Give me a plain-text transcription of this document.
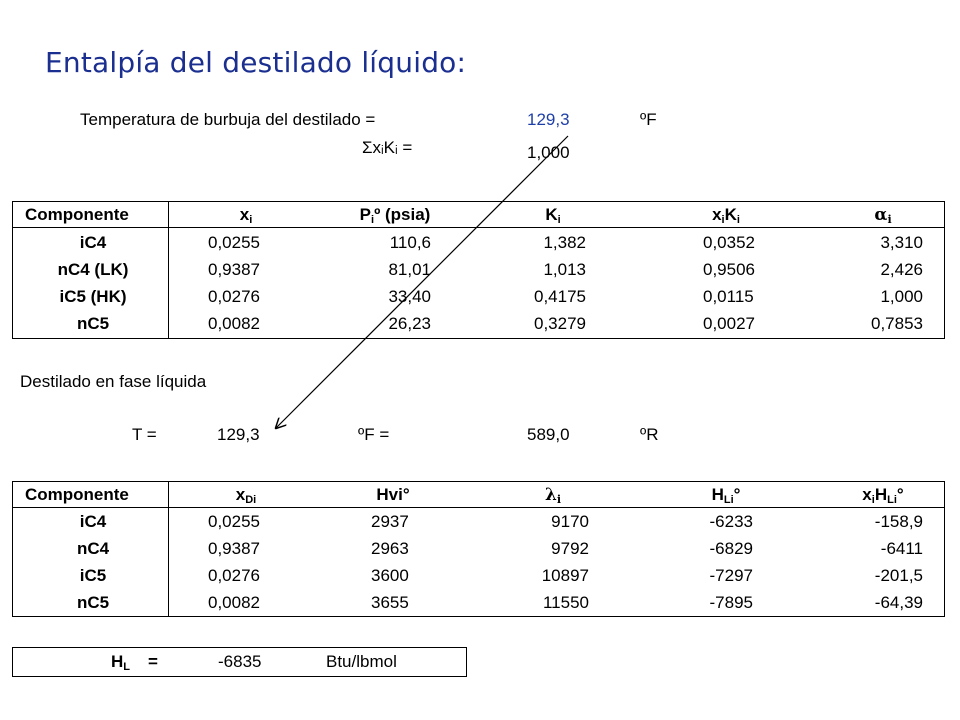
Entalpía del destilado líquido:
Temperatura de burbuja del destilado =	129,3	ºF
ΣxᵢKᵢ =	1,000
Componente	$x_i$	$P_iº$ (psia)	$K_i$	$x_iK_i$	$\alpha_i$
iC4	0,0255	110,6	1,382	0,0352	3,310
nC4 (LK)	0,9387	81,01	1,013	0,9506	2,426
iC5 (HK)	0,0276	33,40	0,4175	0,0115	1,000
nC5	0,0082	26,23	0,3279	0,0027	0,7853
Destilado en fase líquida
T =	129,3	ºF =	589,0	ºR
Componente	$x_{Di}$	Hvi°	$\lambda_i$	$H_{Li}^\circ$	$x_iH_{Li}^\circ$
iC4	0,0255	2937	9170	-6233	-158,9
nC4	0,9387	2963	9792	-6829	-6411
iC5	0,0276	3600	10897	-7297	-201,5
nC5	0,0082	3655	11550	-7895	-64,39
$H_L$ =	-6835	Btu/lbmol
